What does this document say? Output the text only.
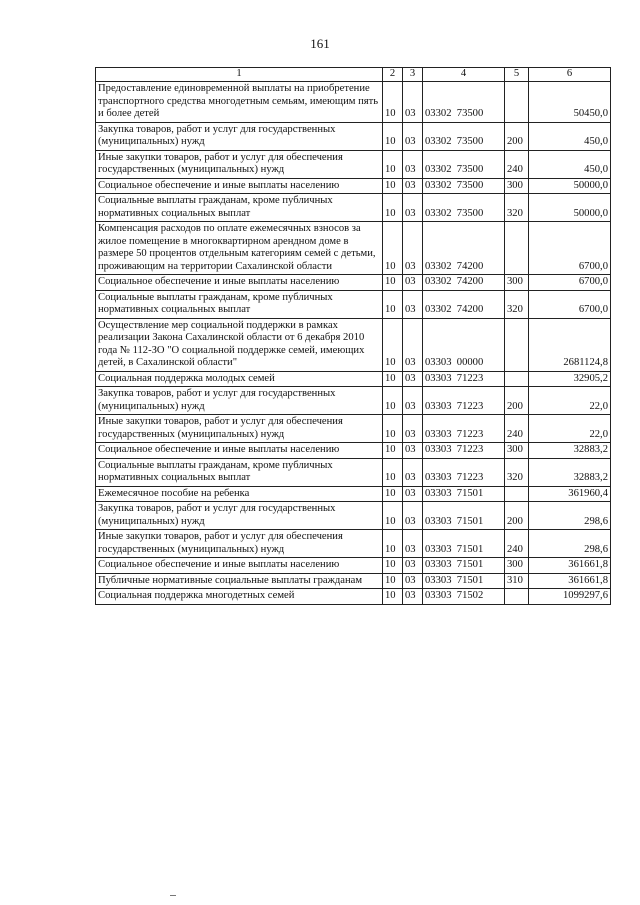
161
1	2	3	4	5	6
Предоставление единовременной выплаты на приобретение транспортного средства многодетным семьям, имеющим пять и более детей	10	03	03302  73500		50450,0
Закупка товаров, работ и услуг для государственных (муниципальных) нужд	10	03	03302  73500	200	450,0
Иные закупки товаров, работ и услуг для обеспечения государственных (муниципальных) нужд	10	03	03302  73500	240	450,0
Социальное обеспечение и иные выплаты населению	10	03	03302  73500	300	50000,0
Социальные выплаты гражданам, кроме публичных нормативных социальных выплат	10	03	03302  73500	320	50000,0
Компенсация расходов по оплате ежемесячных взносов за жилое помещение в многоквартирном арендном доме в размере 50 процентов отдельным категориям семей с детьми, проживающим на территории Сахалинской области	10	03	03302  74200		6700,0
Социальное обеспечение и иные выплаты населению	10	03	03302  74200	300	6700,0
Социальные выплаты гражданам, кроме публичных нормативных социальных выплат	10	03	03302  74200	320	6700,0
Осуществление мер социальной поддержки в рамках реализации Закона Сахалинской области от 6 декабря 2010 года № 112-ЗО "О социальной поддержке семей, имеющих детей, в Сахалинской области"	10	03	03303  00000		2681124,8
Социальная поддержка молодых семей	10	03	03303  71223		32905,2
Закупка товаров, работ и услуг для государственных (муниципальных) нужд	10	03	03303  71223	200	22,0
Иные закупки товаров, работ и услуг для обеспечения государственных (муниципальных) нужд	10	03	03303  71223	240	22,0
Социальное обеспечение и иные выплаты населению	10	03	03303  71223	300	32883,2
Социальные выплаты гражданам, кроме публичных нормативных социальных выплат	10	03	03303  71223	320	32883,2
Ежемесячное пособие на ребенка	10	03	03303  71501		361960,4
Закупка товаров, работ и услуг для государственных (муниципальных) нужд	10	03	03303  71501	200	298,6
Иные закупки товаров, работ и услуг для обеспечения государственных (муниципальных) нужд	10	03	03303  71501	240	298,6
Социальное обеспечение и иные выплаты населению	10	03	03303  71501	300	361661,8
Публичные нормативные социальные выплаты гражданам	10	03	03303  71501	310	361661,8
Социальная поддержка многодетных семей	10	03	03303  71502		1099297,6
